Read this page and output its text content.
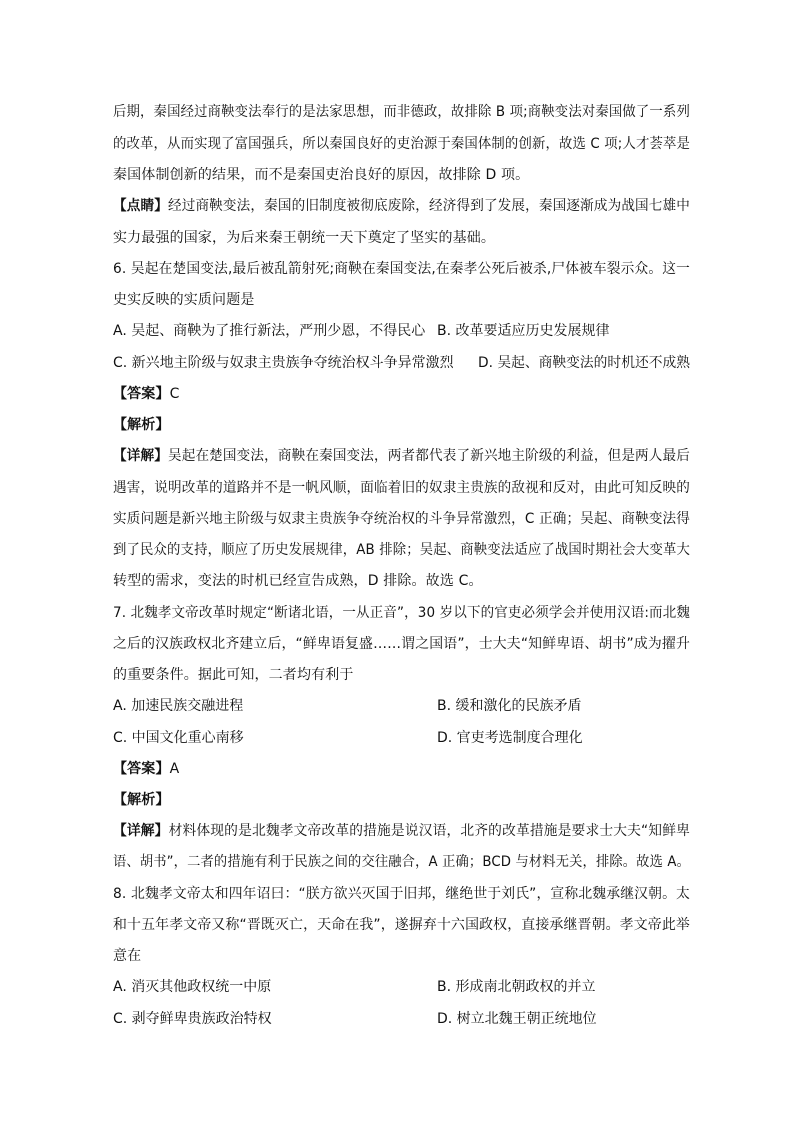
后期，秦国经过商鞅变法奉行的是法家思想，而非德政，故排除 B 项;商鞅变法对秦国做了一系列
的改革，从而实现了富国强兵，所以秦国良好的吏治源于秦国体制的创新，故选 C 项;人才荟萃是
秦国体制创新的结果，而不是秦国吏治良好的原因，故排除 D 项。
【点睛】经过商鞅变法，秦国的旧制度被彻底废除，经济得到了发展，秦国逐渐成为战国七雄中
实力最强的国家，为后来秦王朝统一天下奠定了坚实的基础。
6. 吴起在楚国变法,最后被乱箭射死;商鞅在秦国变法,在秦孝公死后被杀,尸体被车裂示众。这一
史实反映的实质问题是
A. 吴起、商鞅为了推行新法，严刑少恩，不得民心 B. 改革要适应历史发展规律
C. 新兴地主阶级与奴隶主贵族争夺统治权斗争异常激烈 D. 吴起、商鞅变法的时机还不成熟
【答案】C
【解析】
【详解】吴起在楚国变法，商鞅在秦国变法，两者都代表了新兴地主阶级的利益，但是两人最后
遇害，说明改革的道路并不是一帆风顺，面临着旧的奴隶主贵族的敌视和反对，由此可知反映的
实质问题是新兴地主阶级与奴隶主贵族争夺统治权的斗争异常激烈，C 正确；吴起、商鞅变法得
到了民众的支持，顺应了历史发展规律，AB 排除；吴起、商鞅变法适应了战国时期社会大变革大
转型的需求，变法的时机已经宣告成熟，D 排除。故选 C。
7. 北魏孝文帝改革时规定“断诸北语，一从正音”，30 岁以下的官吏必须学会并使用汉语:而北魏
之后的汉族政权北齐建立后，“鲜卑语复盛……谓之国语”，士大夫“知鲜卑语、胡书”成为擢升
的重要条件。据此可知，二者均有利于
A. 加速民族交融进程	B. 缓和激化的民族矛盾
C. 中国文化重心南移	D. 官吏考选制度合理化
【答案】A
【解析】
【详解】材料体现的是北魏孝文帝改革的措施是说汉语，北齐的改革措施是要求士大夫“知鲜卑
语、胡书”，二者的措施有利于民族之间的交往融合，A 正确；BCD 与材料无关，排除。故选 A。
8. 北魏孝文帝太和四年诏曰：“朕方欲兴灭国于旧邦，继绝世于刘氏”，宣称北魏承继汉朝。太
和十五年孝文帝又称“晋既灭亡，天命在我”，遂摒弃十六国政权，直接承继晋朝。孝文帝此举
意在
A. 消灭其他政权统一中原	B. 形成南北朝政权的并立
C. 剥夺鲜卑贵族政治特权	D. 树立北魏王朝正统地位
